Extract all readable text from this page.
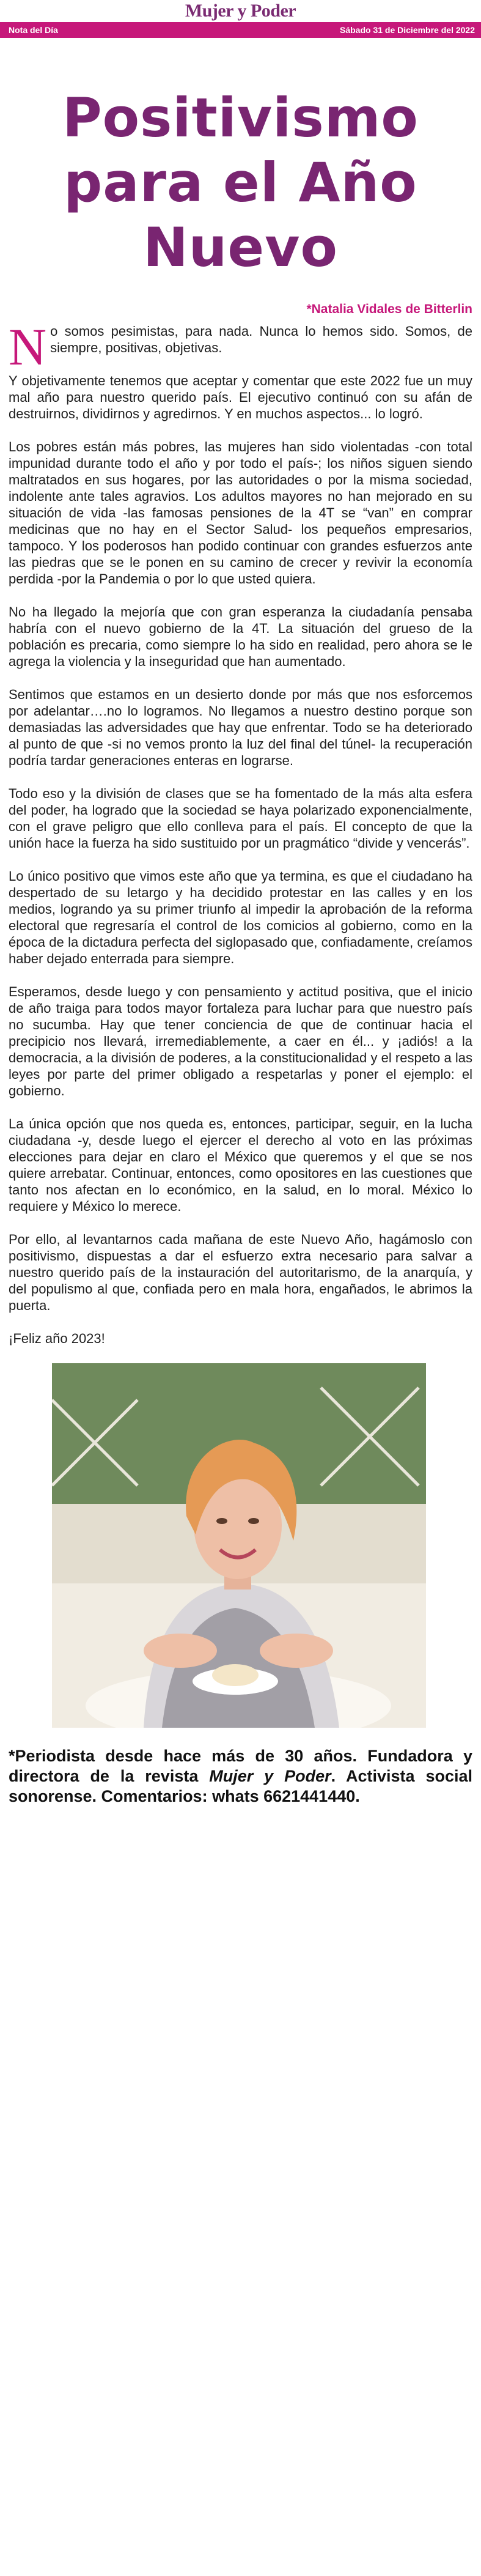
Mujer y Poder
Nota del Día	Sábado 31 de Diciembre del 2022
Positivismo para el Año Nuevo
*Natalia Vidales de Bitterlin

No somos pesimistas, para nada. Nunca lo hemos sido. Somos, de siempre, positivas, objetivas.

Y objetivamente tenemos que aceptar y comentar que este 2022 fue un muy mal año para nuestro querido país. El ejecutivo continuó con su afán de destruirnos, dividirnos y agredirnos. Y en muchos aspectos... lo logró.

Los pobres están más pobres, las mujeres han sido violentadas -con total impunidad durante todo el año y por todo el país-; los niños siguen siendo maltratados en sus hogares, por las autoridades o por la misma sociedad, indolente ante tales agravios. Los adultos mayores no han mejorado en su situación de vida -las famosas pensiones de la 4T se “van” en comprar medicinas que no hay en el Sector Salud- los pequeños empresarios, tampoco. Y los poderosos han podido continuar con grandes esfuerzos ante las piedras que se le ponen en su camino de crecer y revivir la economía perdida -por la Pandemia o por lo que usted quiera.

No ha llegado la mejoría que con gran esperanza la ciudadanía pensaba habría con el nuevo gobierno de la 4T. La situación del grueso de la población es precaria, como siempre lo ha sido en realidad, pero ahora se le agrega la violencia y la inseguridad que han aumentado.

Sentimos que estamos en un desierto donde por más que nos esforcemos por adelantar….no lo logramos. No llegamos a nuestro destino porque son demasiadas las adversidades que hay que enfrentar. Todo se ha deteriorado al punto de que -si no vemos pronto la luz del final del túnel- la recuperación podría tardar generaciones enteras en lograrse.

Todo eso y la división de clases que se ha fomentado de la más alta esfera del poder, ha logrado que la sociedad se haya polarizado exponencialmente, con el grave peligro que ello conlleva para el país. El concepto de que la unión hace la fuerza ha sido sustituido por un pragmático “divide y vencerás”.

Lo único positivo que vimos este año que ya termina, es que el ciudadano ha despertado de su letargo y ha decidido protestar en las calles y en los medios, logrando ya su primer triunfo al impedir la aprobación de la reforma electoral que regresaría el control de los comicios al gobierno, como en la época de la dictadura perfecta del siglopasado que, confiadamente, creíamos haber dejado enterrada para siempre.

Esperamos, desde luego y con pensamiento y actitud positiva, que el inicio de año traiga para todos mayor fortaleza para luchar para que nuestro país no sucumba. Hay que tener conciencia de que de continuar hacia el precipicio nos llevará, irremediablemente, a caer en él... y ¡adiós! a la democracia, a la división de poderes, a la constitucionalidad y el respeto a las leyes por parte del primer obligado a respetarlas y poner el ejemplo: el gobierno.

La única opción que nos queda es, entonces, participar, seguir, en la lucha ciudadana -y, desde luego el ejercer el derecho al voto en las próximas elecciones para dejar en claro el México que queremos y el que se nos quiere arrebatar. Continuar, entonces, como opositores en las cuestiones que tanto nos afectan en lo económico, en la salud, en lo moral. México lo requiere y México lo merece.

Por ello, al levantarnos cada mañana de este Nuevo Año, hagámoslo con positivismo, dispuestas a dar el esfuerzo extra necesario para salvar a nuestro querido país de la instauración del autoritarismo, de la anarquía, y del populismo al que, confiada pero en mala hora, engañados, le abrimos la puerta.

¡Feliz año 2023!

*Periodista desde hace más de 30 años. Fundadora y directora de la revista Mujer y Poder. Activista social sonorense. Comentarios: whats 6621441440.
